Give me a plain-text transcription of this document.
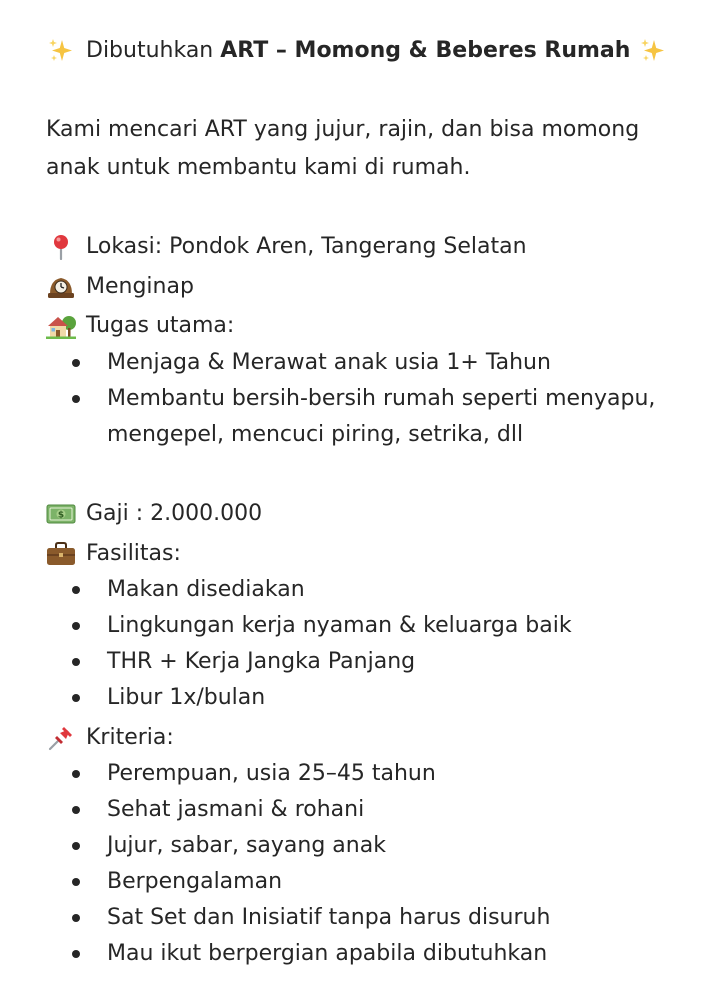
Dibutuhkan ART – Momong & Beberes Rumah
Kami mencari ART yang jujur, rajin, dan bisa momong
anak untuk membantu kami di rumah.
Lokasi: Pondok Aren, Tangerang Selatan
Menginap
Tugas utama:
Menjaga & Merawat anak usia 1+ Tahun
Membantu bersih-bersih rumah seperti menyapu,
mengepel, mencuci piring, setrika, dll
$ Gaji : 2.000.000
Fasilitas:
Makan disediakan
Lingkungan kerja nyaman & keluarga baik
THR + Kerja Jangka Panjang
Libur 1x/bulan
Kriteria:
Perempuan, usia 25–45 tahun
Sehat jasmani & rohani
Jujur, sabar, sayang anak
Berpengalaman
Sat Set dan Inisiatif tanpa harus disuruh
Mau ikut berpergian apabila dibutuhkan
